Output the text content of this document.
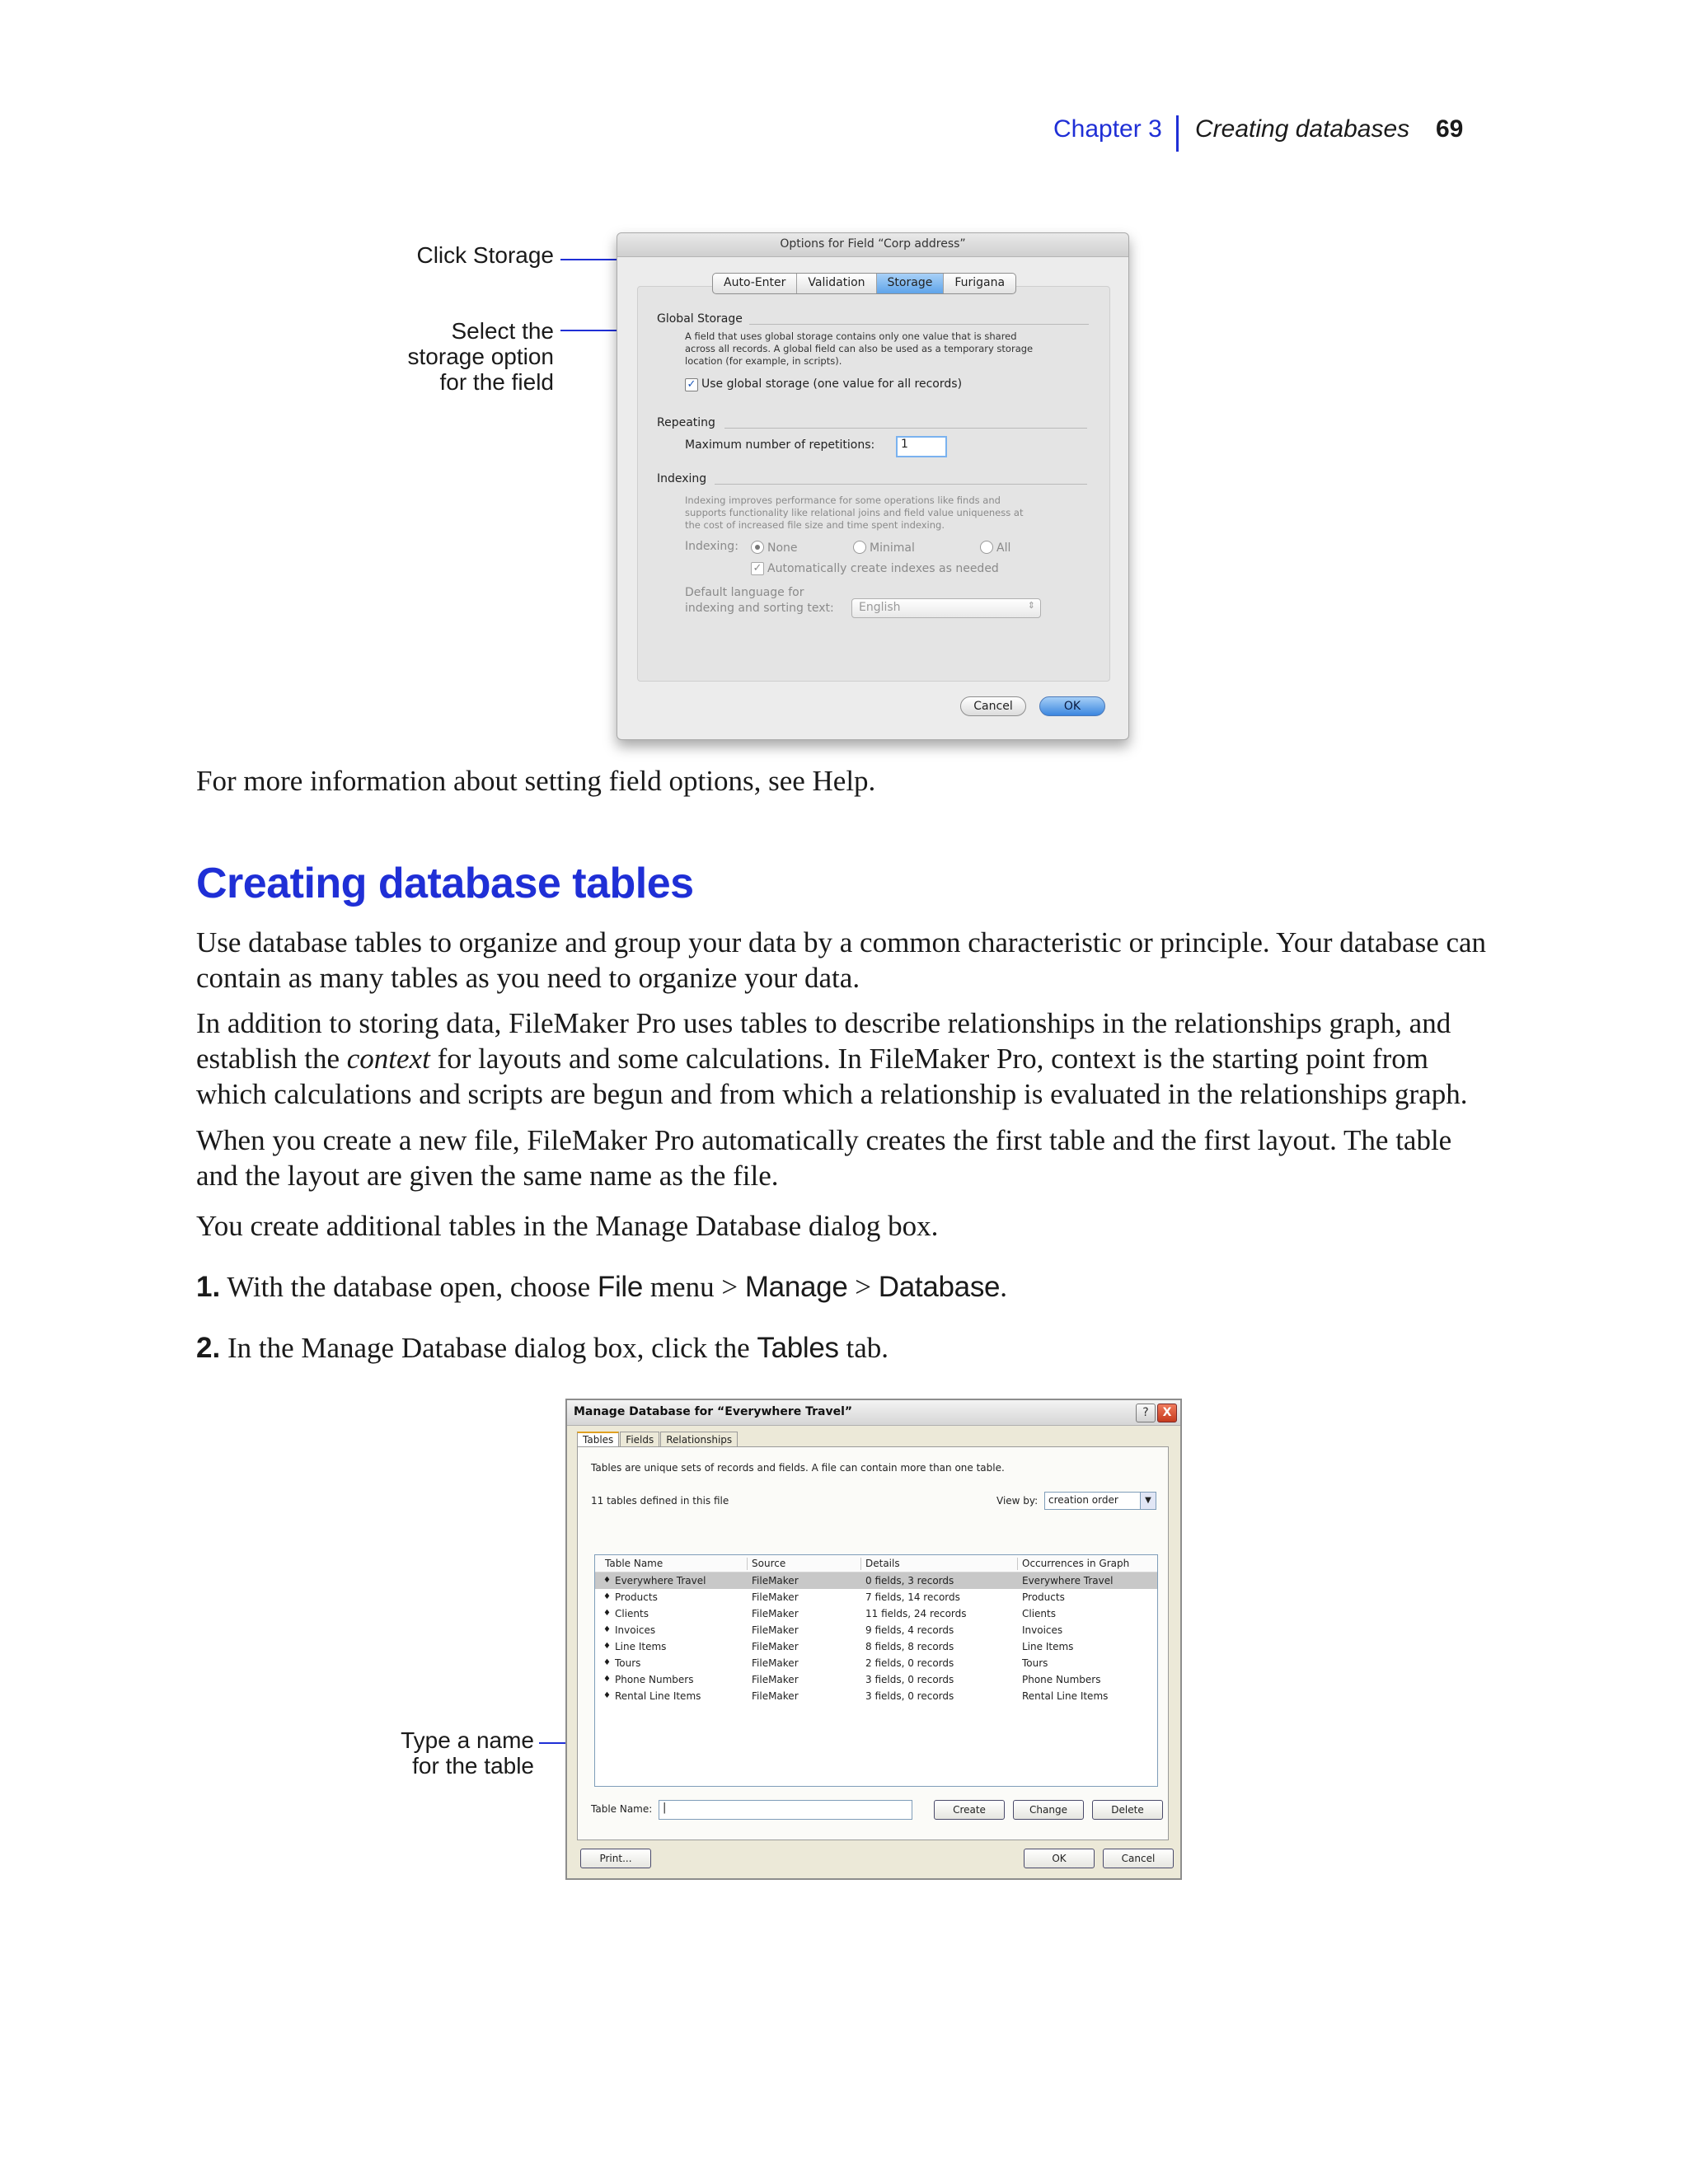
Chapter 3 Creating databases 69
Click Storage
Select the
storage option
for the field
Options for Field “Corp address”
Auto-Enter	Validation	Storage	Furigana
Global Storage
A field that uses global storage contains only one value that is shared
across all records. A global field can also be used as a temporary storage
location (for example, in scripts).
✓ Use global storage (one value for all records)
Repeating
Maximum number of repetitions:	1
Indexing
Indexing improves performance for some operations like finds and
supports functionality like relational joins and field value uniqueness at
the cost of increased file size and time spent indexing.
Indexing:	None	Minimal	All
✓ Automatically create indexes as needed
Default language for
indexing and sorting text:	English	⇕
Cancel	OK
For more information about setting field options, see Help.
Creating database tables
Use database tables to organize and group your data by a common characteristic or principle. Your database can contain as many tables as you need to organize your data.
In addition to storing data, FileMaker Pro uses tables to describe relationships in the relationships graph, and establish the context for layouts and some calculations. In FileMaker Pro, context is the starting point from which calculations and scripts are begun and from which a relationship is evaluated in the relationships graph.
When you create a new file, FileMaker Pro automatically creates the first table and the first layout. The table and the layout are given the same name as the file.
You create additional tables in the Manage Database dialog box.
1. With the database open, choose File menu > Manage > Database.
2. In the Manage Database dialog box, click the Tables tab.
Type a name
for the table
Manage Database for “Everywhere Travel”	?	X
Tables	Fields	Relationships
Tables are unique sets of records and fields. A file can contain more than one table.
11 tables defined in this file	View by:	creation order	▼
Table Name	Source	Details	Occurrences in Graph
♦ Everywhere Travel	FileMaker	0 fields, 3 records	Everywhere Travel
♦ Products	FileMaker	7 fields, 14 records	Products
♦ Clients	FileMaker	11 fields, 24 records	Clients
♦ Invoices	FileMaker	9 fields, 4 records	Invoices
♦ Line Items	FileMaker	8 fields, 8 records	Line Items
♦ Tours	FileMaker	2 fields, 0 records	Tours
♦ Phone Numbers	FileMaker	3 fields, 0 records	Phone Numbers
♦ Rental Line Items	FileMaker	3 fields, 0 records	Rental Line Items
Table Name: |	Create	Change	Delete
Print...	OK	Cancel
